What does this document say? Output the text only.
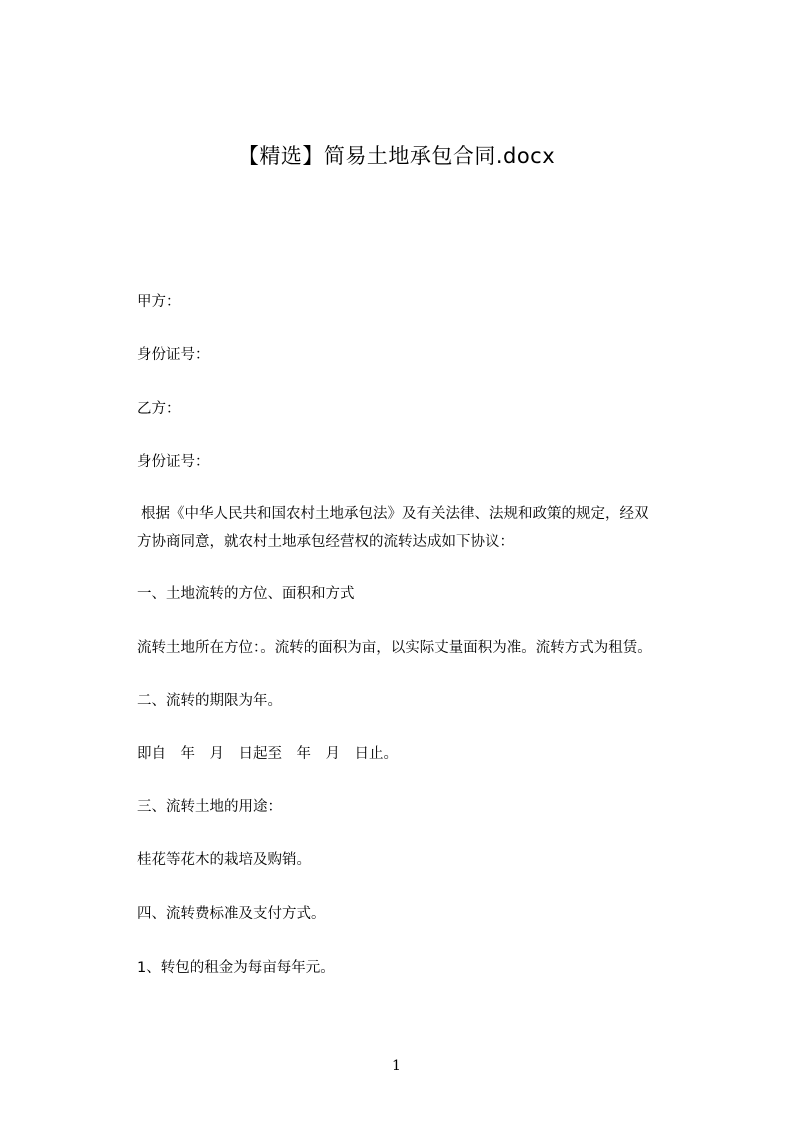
【精选】简易土地承包合同.docx
甲方：
身份证号：
乙方：
身份证号：
根据《中华人民共和国农村土地承包法》及有关法律、法规和政策的规定，经双
方协商同意，就农村土地承包经营权的流转达成如下协议：
一、土地流转的方位、面积和方式
流转土地所在方位：。流转的面积为亩，以实际丈量面积为准。流转方式为租赁。
二、流转的期限为年。
即自　年　月　日起至　年　月　日止。
三、流转土地的用途：
桂花等花木的栽培及购销。
四、流转费标准及支付方式。
1、转包的租金为每亩每年元。
1
